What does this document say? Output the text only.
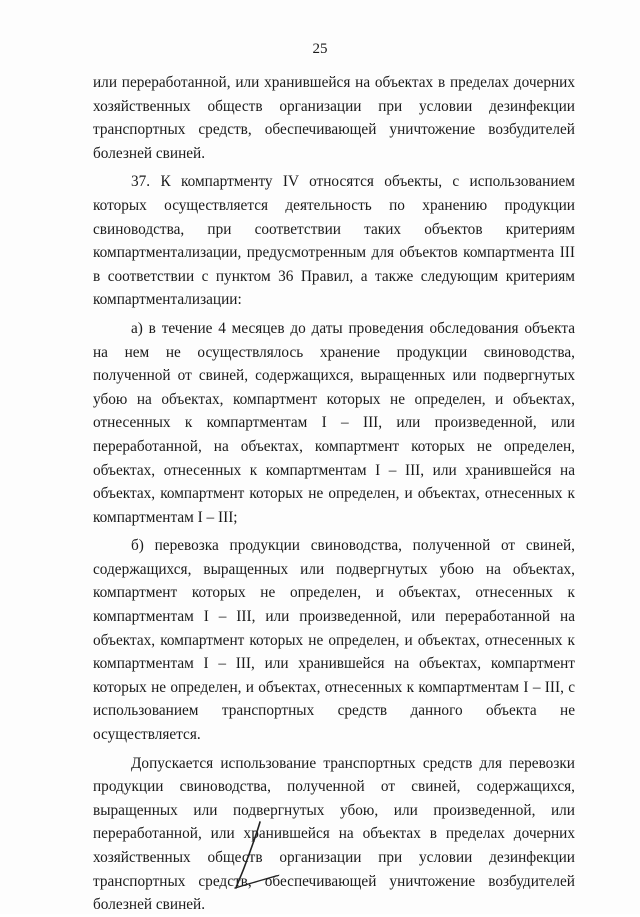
25

или переработанной, или хранившейся на объектах в пределах дочерних хозяйственных обществ организации при условии дезинфекции транспортных средств, обеспечивающей уничтожение возбудителей болезней свиней.

37. К компартменту IV относятся объекты, с использованием которых осуществляется деятельность по хранению продукции свиноводства, при соответствии таких объектов критериям компартментализации, предусмотренным для объектов компартмента III в соответствии с пунктом 36 Правил, а также следующим критериям компартментализации:

а) в течение 4 месяцев до даты проведения обследования объекта на нем не осуществлялось хранение продукции свиноводства, полученной от свиней, содержащихся, выращенных или подвергнутых убою на объектах, компартмент которых не определен, и объектах, отнесенных к компартментам I – III, или произведенной, или переработанной, на объектах, компартмент которых не определен, объектах, отнесенных к компартментам I – III, или хранившейся на объектах, компартмент которых не определен, и объектах, отнесенных к компартментам I – III;

б) перевозка продукции свиноводства, полученной от свиней, содержащихся, выращенных или подвергнутых убою на объектах, компартмент которых не определен, и объектах, отнесенных к компартментам I – III, или произведенной, или переработанной на объектах, компартмент которых не определен, и объектах, отнесенных к компартментам I – III, или хранившейся на объектах, компартмент которых не определен, и объектах, отнесенных к компартментам I – III, с использованием транспортных средств данного объекта не осуществляется.

Допускается использование транспортных средств для перевозки продукции свиноводства, полученной от свиней, содержащихся, выращенных или подвергнутых убою, или произведенной, или переработанной, или хранившейся на объектах в пределах дочерних хозяйственных обществ организации при условии дезинфекции транспортных средств, обеспечивающей уничтожение возбудителей болезней свиней.
